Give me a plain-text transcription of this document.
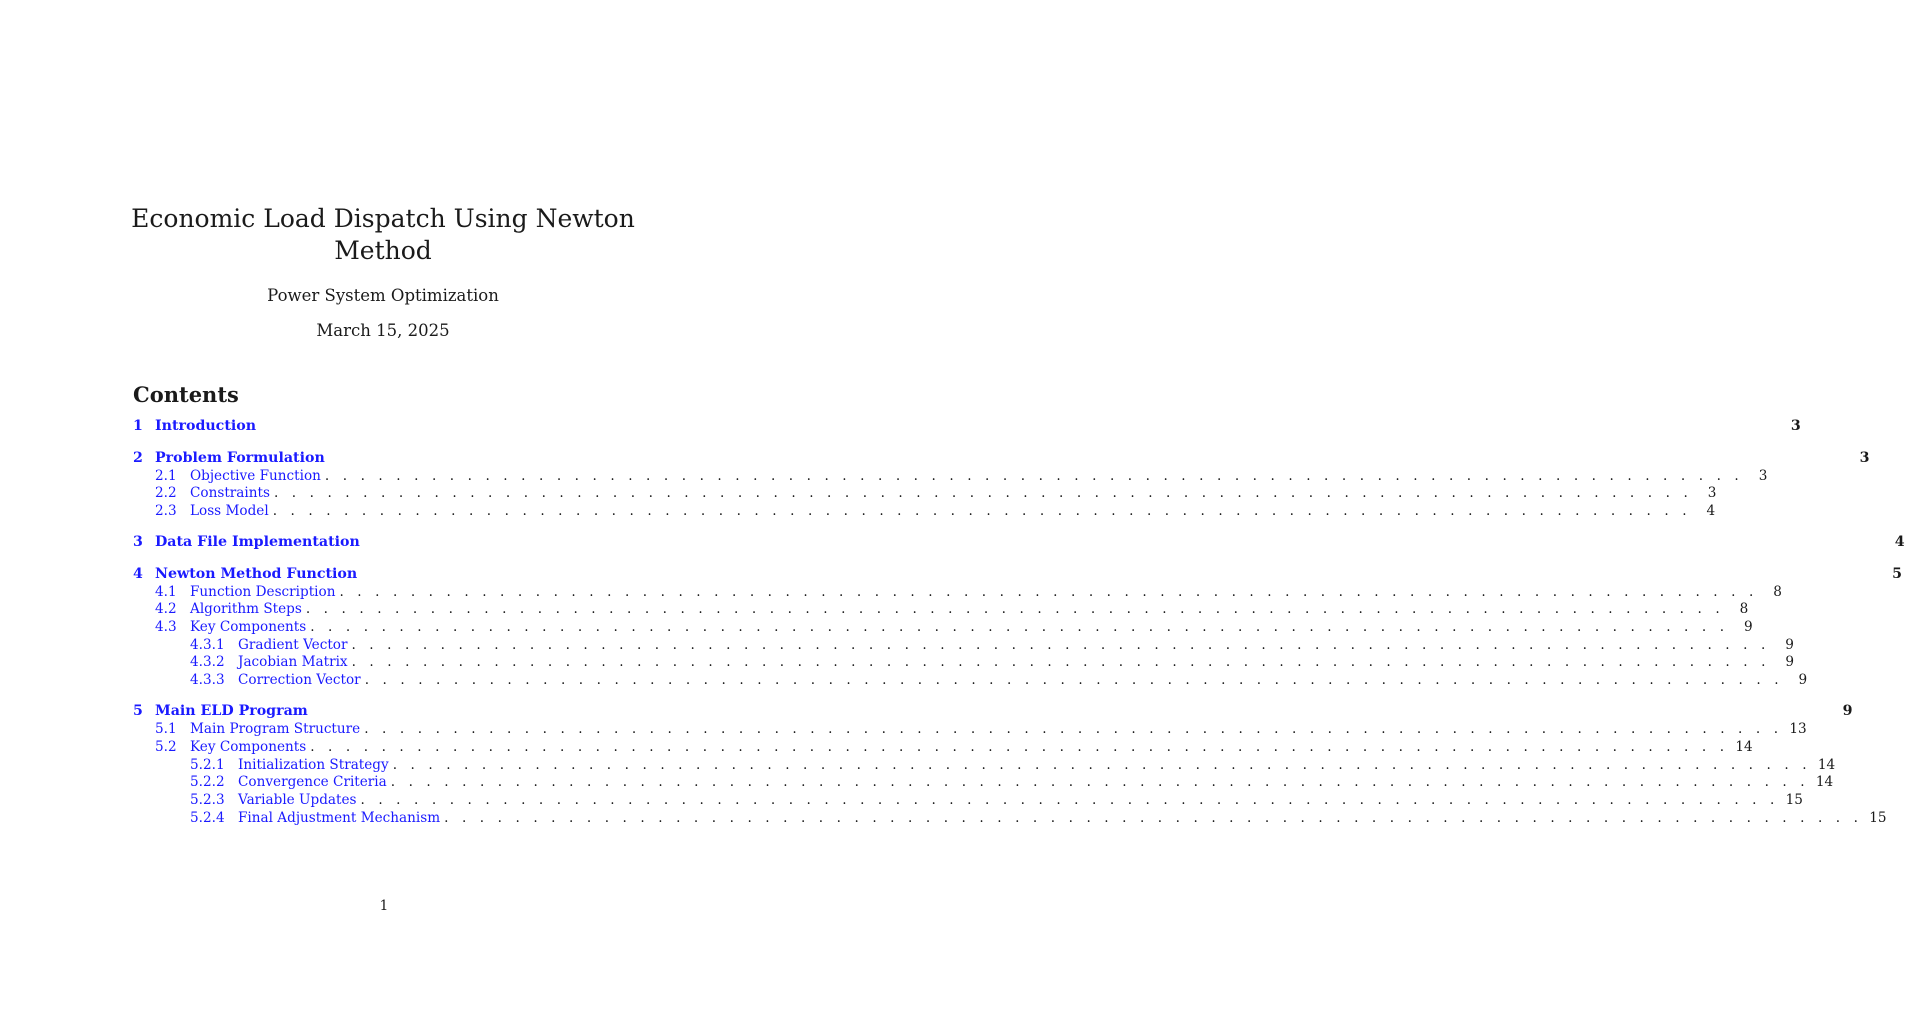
Economic Load Dispatch Using Newton Method
Power System Optimization
March 15, 2025
Contents
1 Introduction	3
2 Problem Formulation	3
2.1 Objective Function . . . . . . . . . . . . . . . . . . . . . . . . . . . . . . . . . . . . . . . . . . . . . . . . . . . . . . . . . . . . . . . . . . . . . . . . . . . . . . . .	3
2.2 Constraints . . . . . . . . . . . . . . . . . . . . . . . . . . . . . . . . . . . . . . . . . . . . . . . . . . . . . . . . . . . . . . . . . . . . . . . . . . . . . . . .	3
2.3 Loss Model . . . . . . . . . . . . . . . . . . . . . . . . . . . . . . . . . . . . . . . . . . . . . . . . . . . . . . . . . . . . . . . . . . . . . . . . . . . . . . . .	4
3 Data File Implementation	4
4 Newton Method Function	5
4.1 Function Description . . . . . . . . . . . . . . . . . . . . . . . . . . . . . . . . . . . . . . . . . . . . . . . . . . . . . . . . . . . . . . . . . . . . . . . . . . . . . . . .	8
4.2 Algorithm Steps . . . . . . . . . . . . . . . . . . . . . . . . . . . . . . . . . . . . . . . . . . . . . . . . . . . . . . . . . . . . . . . . . . . . . . . . . . . . . . . .	8
4.3 Key Components . . . . . . . . . . . . . . . . . . . . . . . . . . . . . . . . . . . . . . . . . . . . . . . . . . . . . . . . . . . . . . . . . . . . . . . . . . . . . . . .	9
4.3.1 Gradient Vector . . . . . . . . . . . . . . . . . . . . . . . . . . . . . . . . . . . . . . . . . . . . . . . . . . . . . . . . . . . . . . . . . . . . . . . . . . . . . . . .	9
4.3.2 Jacobian Matrix . . . . . . . . . . . . . . . . . . . . . . . . . . . . . . . . . . . . . . . . . . . . . . . . . . . . . . . . . . . . . . . . . . . . . . . . . . . . . . . .	9
4.3.3 Correction Vector . . . . . . . . . . . . . . . . . . . . . . . . . . . . . . . . . . . . . . . . . . . . . . . . . . . . . . . . . . . . . . . . . . . . . . . . . . . . . . . .	9
5 Main ELD Program	9
5.1 Main Program Structure . . . . . . . . . . . . . . . . . . . . . . . . . . . . . . . . . . . . . . . . . . . . . . . . . . . . . . . . . . . . . . . . . . . . . . . . . . . . . . . . 13
5.2 Key Components . . . . . . . . . . . . . . . . . . . . . . . . . . . . . . . . . . . . . . . . . . . . . . . . . . . . . . . . . . . . . . . . . . . . . . . . . . . . . . . . 14
5.2.1 Initialization Strategy . . . . . . . . . . . . . . . . . . . . . . . . . . . . . . . . . . . . . . . . . . . . . . . . . . . . . . . . . . . . . . . . . . . . . . . . . . . . . . . . 14
5.2.2 Convergence Criteria . . . . . . . . . . . . . . . . . . . . . . . . . . . . . . . . . . . . . . . . . . . . . . . . . . . . . . . . . . . . . . . . . . . . . . . . . . . . . . . . 14
5.2.3 Variable Updates . . . . . . . . . . . . . . . . . . . . . . . . . . . . . . . . . . . . . . . . . . . . . . . . . . . . . . . . . . . . . . . . . . . . . . . . . . . . . . . . 15
5.2.4 Final Adjustment Mechanism . . . . . . . . . . . . . . . . . . . . . . . . . . . . . . . . . . . . . . . . . . . . . . . . . . . . . . . . . . . . . . . . . . . . . . . . . . . . . . . . 15
1
